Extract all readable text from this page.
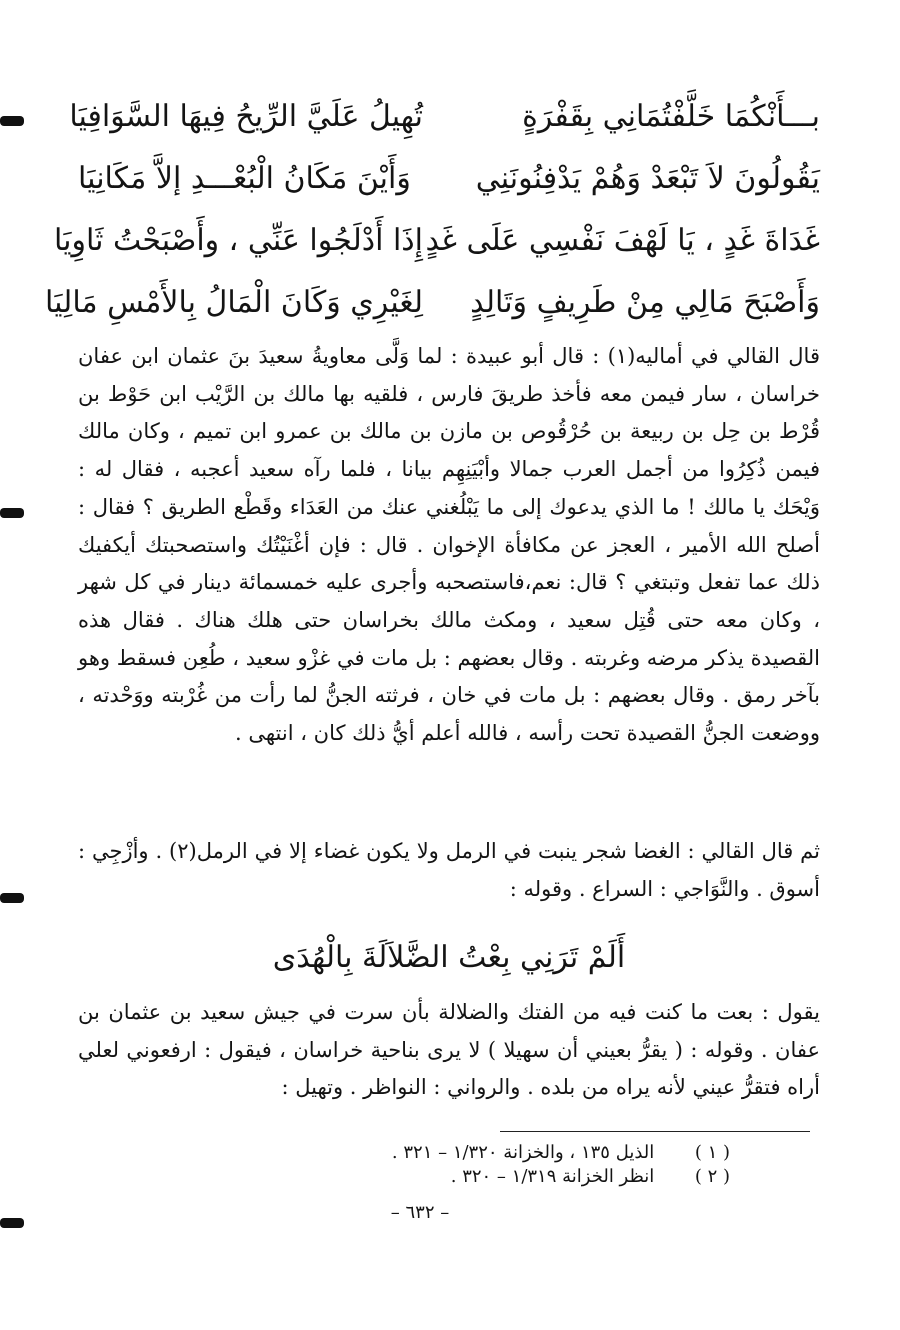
بـــأَنْكُمَا خَلَّفْتُمَانِي بِقَفْرَةٍ
تُهِيلُ عَلَيَّ الرِّيحُ فِيهَا السَّوَافِيَا
يَقُولُونَ لاَ تَبْعَدْ وَهُمْ يَدْفِنُونَنِي
وَأَيْنَ مَكَانُ الْبُعْـــدِ إلاَّ مَكَانِيَا
غَدَاةَ غَدٍ ، يَا لَهْفَ نَفْسِي عَلَى غَدٍ
إِذَا أَدْلَجُوا عَنِّي ، وأَصْبَحْتُ ثَاوِيَا
وَأَصْبَحَ مَالِي مِنْ طَرِيفٍ وَتَالِدٍ
لِغَيْرِي وَكَانَ الْمَالُ بِالأَمْسِ مَالِيَا

قال القالي في أماليه(١) : قال أبو عبيدة : لما وَلَّى معاويةُ سعيدَ بنَ عثمان ابن عفان خراسان ، سار فيمن معه فأخذ طريقَ فارس ، فلقيه بها مالك بن الرَّيْب ابن حَوْط بن قُرْط بن حِل بن ربيعة بن حُرْقُوص بن مازن بن مالك بن عمرو ابن تميم ، وكان مالك فيمن ذُكِرُوا من أجمل العرب جمالا وأبْيَنِهِم بيانا ، فلما رآه سعيد أعجبه ، فقال له : وَيْحَك يا مالك ! ما الذي يدعوك إلى ما يَبْلُغني عنك من العَدَاء وقَطْع الطريق ؟ فقال : أصلح الله الأمير ، العجز عن مكافأة الإخوان . قال : فإن أغْنَيْتُك واستصحبتك أيكفيك ذلك عما تفعل وتبتغي ؟ قال: نعم،فاستصحبه وأجرى عليه خمسمائة دينار في كل شهر ، وكان معه حتى قُتِل سعيد ، ومكث مالك بخراسان حتى هلك هناك . فقال هذه القصيدة يذكر مرضه وغربته . وقال بعضهم : بل مات في غزْو سعيد ، طُعِن فسقط وهو بآخر رمق . وقال بعضهم : بل مات في خان ، فرثته الجنُّ لما رأت من غُرْبته ووَحْدته ، ووضعت الجنُّ القصيدة تحت رأسه ، فالله أعلم أيُّ ذلك كان ، انتهى .

ثم قال القالي : الغضا شجر ينبت في الرمل ولا يكون غضاء إلا في الرمل(٢) . وأزْجِي : أسوق . والنَّوَاجي : السراع . وقوله :

أَلَمْ تَرَنِي بِعْتُ الضَّلاَلَةَ بِالْهُدَى

يقول : بعت ما كنت فيه من الفتك والضلالة بأن سرت في جيش سعيد بن عثمان بن عفان . وقوله : ( يقرُّ بعيني أن سهيلا ) لا يرى بناحية خراسان ، فيقول : ارفعوني لعلي أراه فتقرُّ عيني لأنه يراه من بلده . والرواني : النواظر . وتهيل :

( ١ ) الذيل ١٣٥ ، والخزانة ١/٣٢٠ – ٣٢١ .
( ٢ ) انظر الخزانة ١/٣١٩ – ٣٢٠ .
– ٦٣٢ –
